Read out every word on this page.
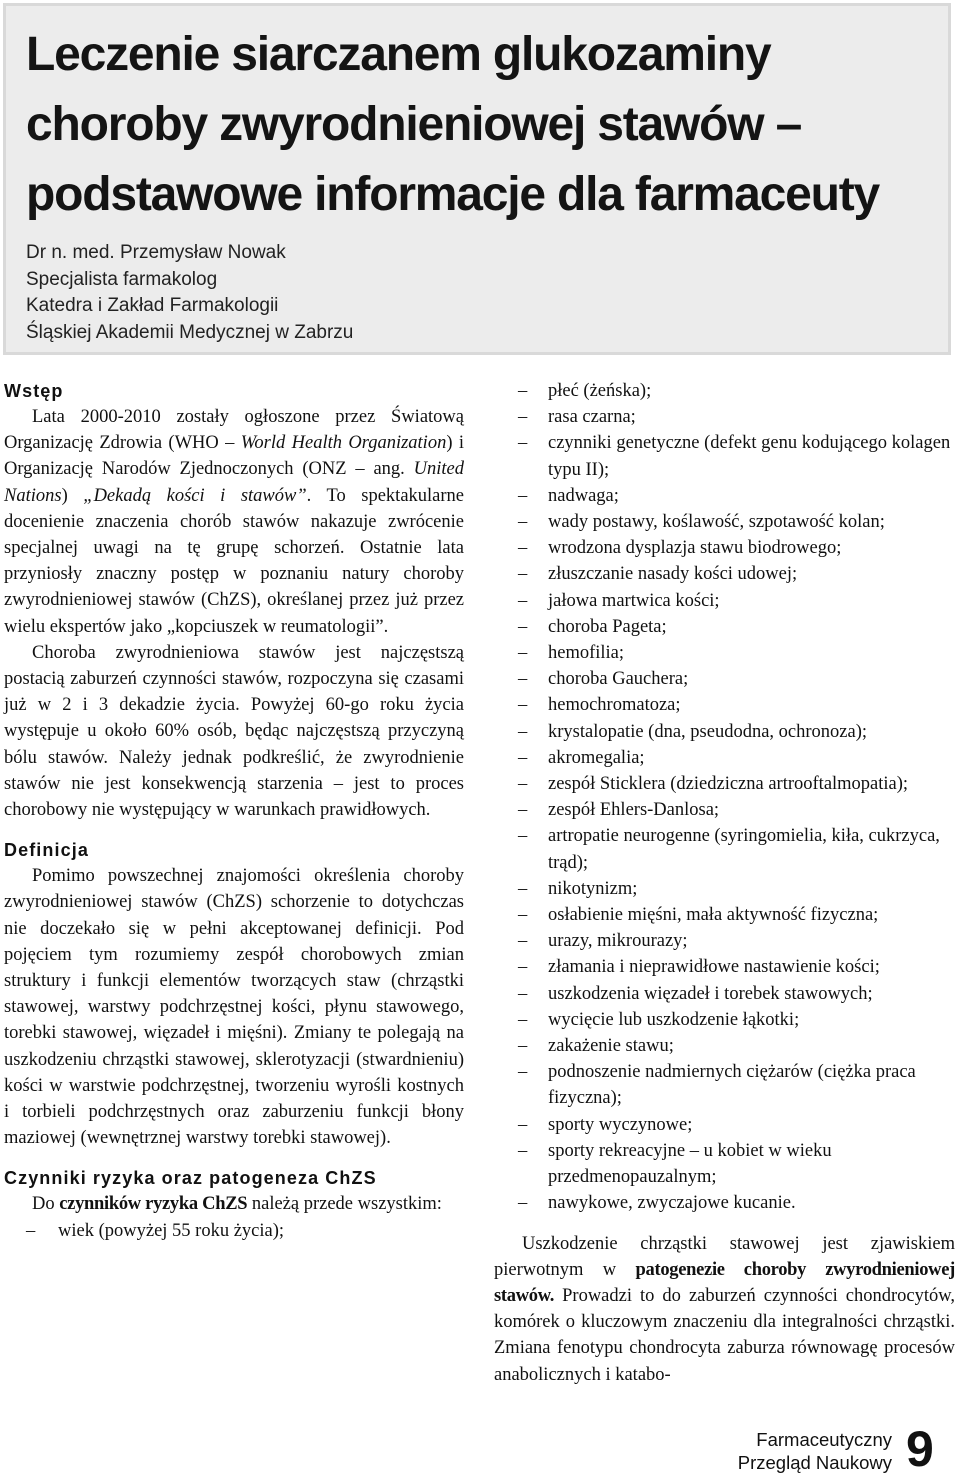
Leczenie siarczanem glukozaminy choroby zwyrodnieniowej stawów – podstawowe informacje dla farmaceuty
Dr n. med. Przemysław Nowak
Specjalista farmakolog
Katedra i Zakład Farmakologii
Śląskiej Akademii Medycznej w Zabrzu
Wstęp

Lata 2000-2010 zostały ogłoszone przez Światową Organizację Zdrowia (WHO – World Health Organization) i Organizację Narodów Zjednoczonych (ONZ – ang. United Nations) „Dekadą kości i stawów”. To spektakularne docenienie znaczenia chorób stawów nakazuje zwrócenie specjalnej uwagi na tę grupę schorzeń. Ostatnie lata przyniosły znaczny postęp w poznaniu natury choroby zwyrodnieniowej stawów (ChZS), określanej przez już przez wielu ekspertów jako „kopciuszek w reumatologii”.

Choroba zwyrodnieniowa stawów jest najczęstszą postacią zaburzeń czynności stawów, rozpoczyna się czasami już w 2 i 3 dekadzie życia. Powyżej 60-go roku życia występuje u około 60% osób, będąc najczęstszą przyczyną bólu stawów. Należy jednak podkreślić, że zwyrodnienie stawów nie jest konsekwencją starzenia – jest to proces chorobowy nie występujący w warunkach prawidłowych.

Definicja

Pomimo powszechnej znajomości określenia choroby zwyrodnieniowej stawów (ChZS) schorzenie to dotychczas nie doczekało się w pełni akceptowanej definicji. Pod pojęciem tym rozumiemy zespół chorobowych zmian struktury i funkcji elementów tworzących staw (chrząstki stawowej, warstwy podchrzęstnej kości, płynu stawowego, torebki stawowej, więzadeł i mięśni). Zmiany te polegają na uszkodzeniu chrząstki stawowej, sklerotyzacji (stwardnieniu) kości w warstwie podchrzęstnej, tworzeniu wyrośli kostnych i torbieli podchrzęstnych oraz zaburzeniu funkcji błony maziowej (wewnętrznej warstwy torebki stawowej).

Czynniki ryzyka oraz patogeneza ChZS

Do czynników ryzyka ChZS należą przede wszystkim:

– wiek (powyżej 55 roku życia);
– płeć (żeńska);
– rasa czarna;
– czynniki genetyczne (defekt genu kodującego kolagen typu II);
– nadwaga;
– wady postawy, koślawość, szpotawość kolan;
– wrodzona dysplazja stawu biodrowego;
– złuszczanie nasady kości udowej;
– jałowa martwica kości;
– choroba Pageta;
– hemofilia;
– choroba Gauchera;
– hemochromatoza;
– krystalopatie (dna, pseudodna, ochronoza);
– akromegalia;
– zespół Sticklera (dziedziczna artrooftalmopatia);
– zespół Ehlers-Danlosa;
– artropatie neurogenne (syringomielia, kiła, cukrzyca, trąd);
– nikotynizm;
– osłabienie mięśni, mała aktywność fizyczna;
– urazy, mikrourazy;
– złamania i nieprawidłowe nastawienie kości;
– uszkodzenia więzadeł i torebek stawowych;
– wycięcie lub uszkodzenie łąkotki;
– zakażenie stawu;
– podnoszenie nadmiernych ciężarów (ciężka praca fizyczna);
– sporty wyczynowe;
– sporty rekreacyjne – u kobiet w wieku przedmenopauzalnym;
– nawykowe, zwyczajowe kucanie.

Uszkodzenie chrząstki stawowej jest zjawiskiem pierwotnym w patogenezie choroby zwyrodnieniowej stawów. Prowadzi to do zaburzeń czynności chondrocytów, komórek o kluczowym znaczeniu dla integralności chrząstki. Zmiana fenotypu chondrocyta zaburza równowagę procesów anabolicznych i katabo-

Farmaceutyczny
Przegląd Naukowy 9
